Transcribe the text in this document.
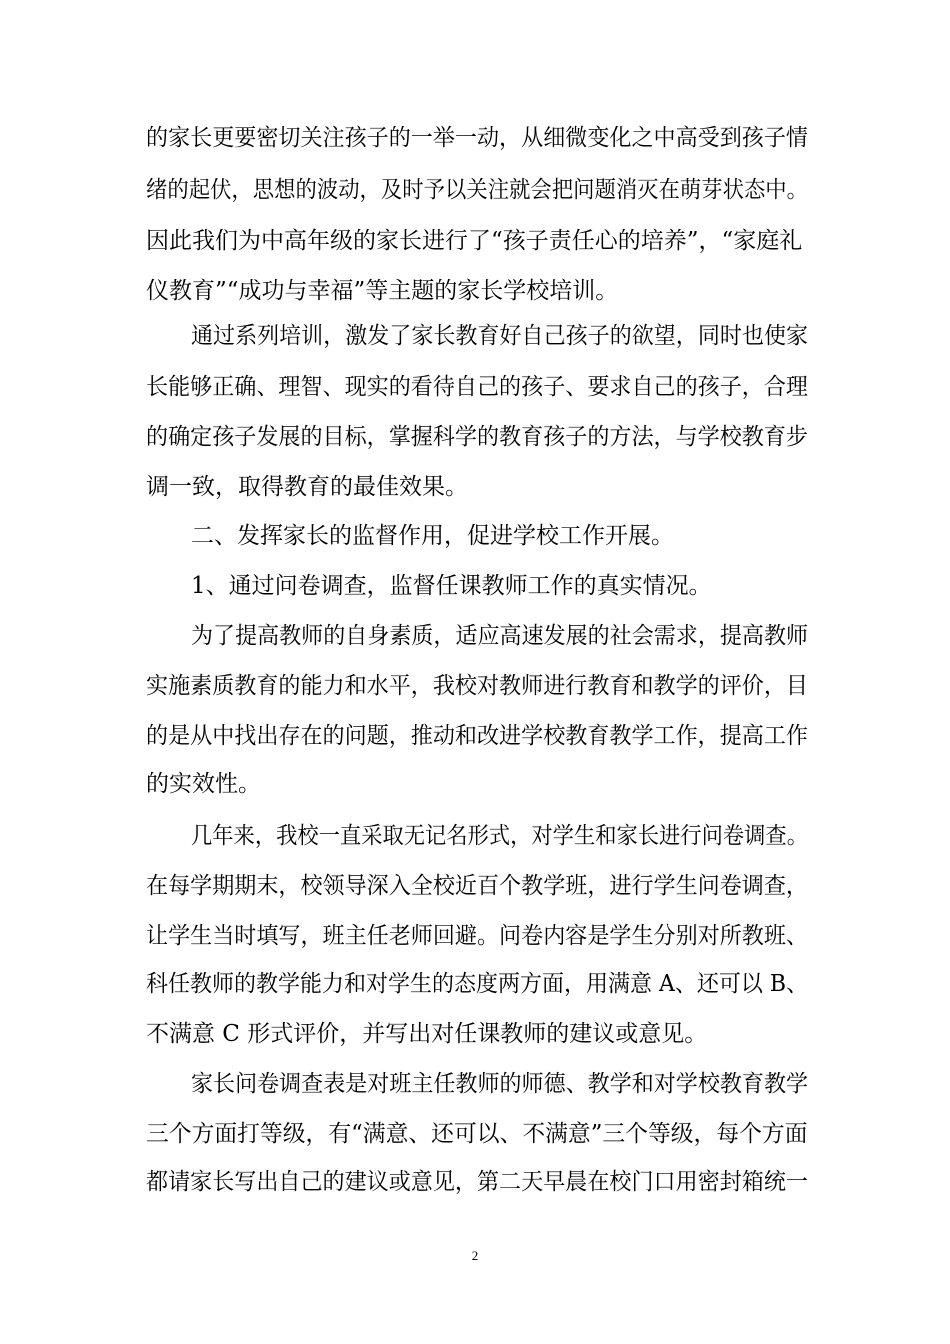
的家长更要密切关注孩子的一举一动，从细微变化之中高受到孩子情
绪的起伏，思想的波动，及时予以关注就会把问题消灭在萌芽状态中。
因此我们为中高年级的家长进行了“孩子责任心的培养”，“家庭礼
仪教育”“成功与幸福”等主题的家长学校培训。
通过系列培训，激发了家长教育好自己孩子的欲望，同时也使家
长能够正确、理智、现实的看待自己的孩子、要求自己的孩子，合理
的确定孩子发展的目标，掌握科学的教育孩子的方法，与学校教育步
调一致，取得教育的最佳效果。
二、发挥家长的监督作用，促进学校工作开展。
1、通过问卷调查，监督任课教师工作的真实情况。
为了提高教师的自身素质，适应高速发展的社会需求，提高教师
实施素质教育的能力和水平，我校对教师进行教育和教学的评价，目
的是从中找出存在的问题，推动和改进学校教育教学工作，提高工作
的实效性。
几年来，我校一直采取无记名形式，对学生和家长进行问卷调查。
在每学期期末，校领导深入全校近百个教学班，进行学生问卷调查，
让学生当时填写，班主任老师回避。问卷内容是学生分别对所教班、
科任教师的教学能力和对学生的态度两方面，用满意 A、还可以 B、
不满意 C 形式评价，并写出对任课教师的建议或意见。
家长问卷调查表是对班主任教师的师德、教学和对学校教育教学
三个方面打等级，有“满意、还可以、不满意”三个等级，每个方面
都请家长写出自己的建议或意见，第二天早晨在校门口用密封箱统一
2
